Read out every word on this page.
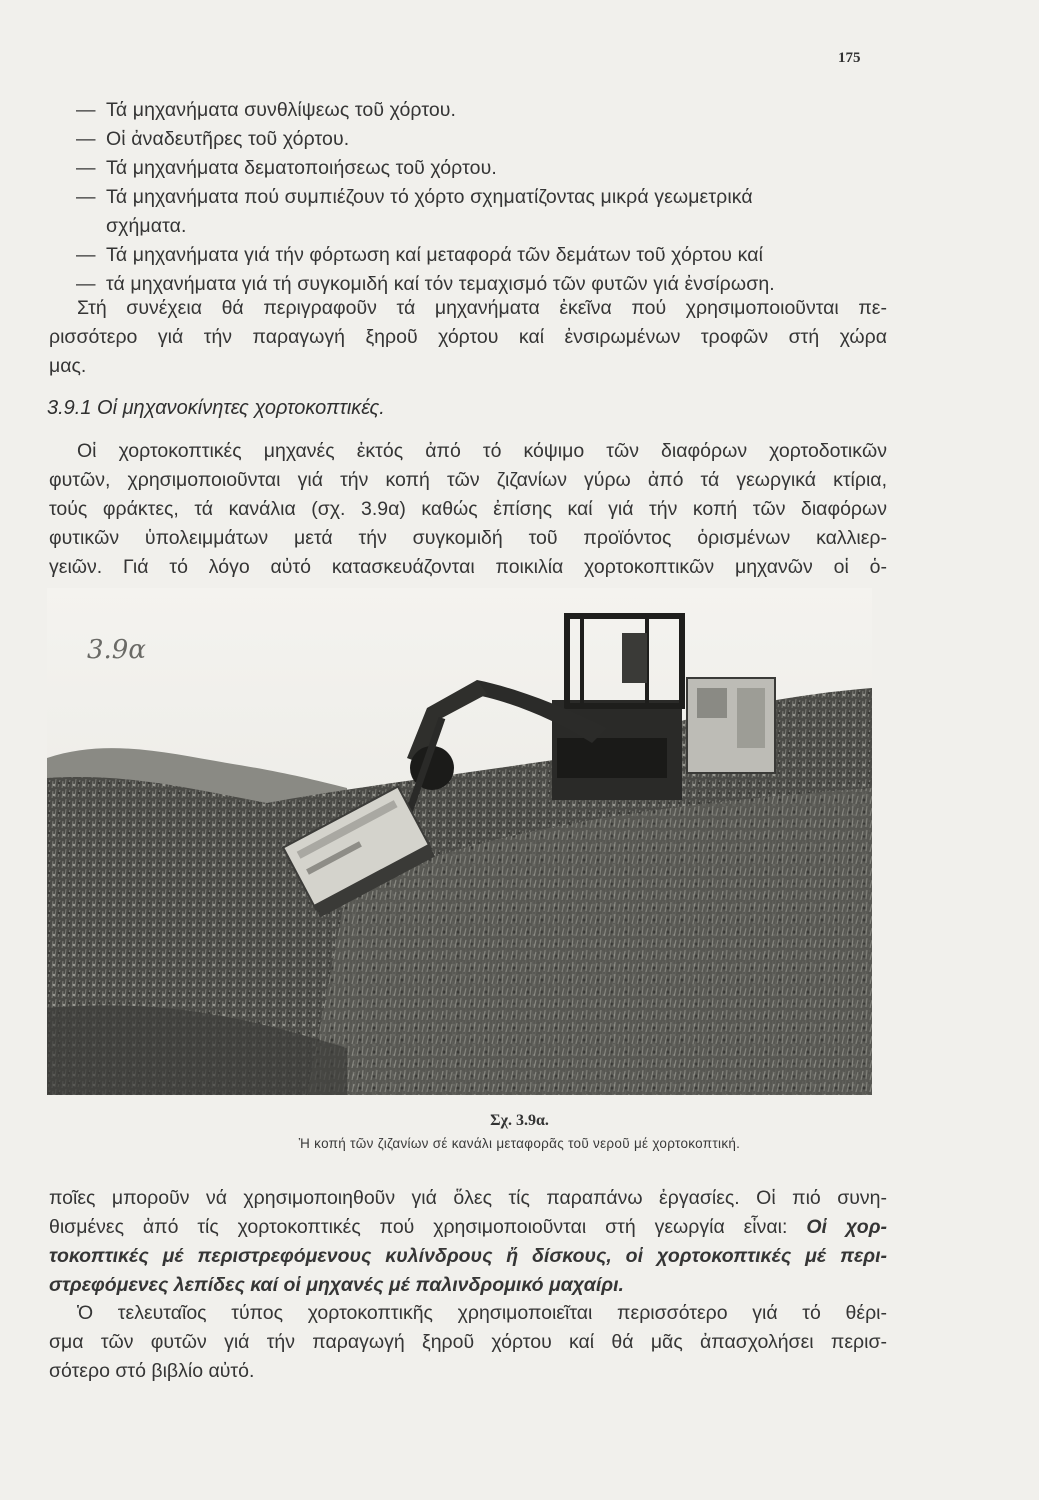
175
— Τά μηχανήματα συνθλίψεως τοῦ χόρτου.
— Οἱ ἀναδευτῆρες τοῦ χόρτου.
— Τά μηχανήματα δεματοποιήσεως τοῦ χόρτου.
— Τά μηχανήματα πού συμπιέζουν τό χόρτο σχηματίζοντας μικρά γεωμετρικά
σχήματα.
— Τά μηχανήματα γιά τήν φόρτωση καί μεταφορά τῶν δεμάτων τοῦ χόρτου καί
— τά μηχανήματα γιά τή συγκομιδή καί τόν τεμαχισμό τῶν φυτῶν γιά ἐνσίρωση.
Στή συνέχεια θά περιγραφοῦν τά μηχανήματα ἐκεῖνα πού χρησιμοποιοῦνται πε-
ρισσότερο γιά τήν παραγωγή ξηροῦ χόρτου καί ἐνσιρωμένων τροφῶν στή χώρα
μας.
3.9.1 Οἱ μηχανοκίνητες χορτοκοπτικές.
Οἱ χορτοκοπτικές μηχανές ἐκτός ἀπό τό κόψιμο τῶν διαφόρων χορτοδοτικῶν
φυτῶν, χρησιμοποιοῦνται γιά τήν κοπή τῶν ζιζανίων γύρω ἀπό τά γεωργικά κτίρια,
τούς φράκτες, τά κανάλια (σχ. 3.9α) καθώς ἐπίσης καί γιά τήν κοπή τῶν διαφόρων
φυτικῶν ὑπολειμμάτων μετά τήν συγκομιδή τοῦ προϊόντος ὁρισμένων καλλιερ-
γειῶν. Γιά τό λόγο αὐτό κατασκευάζονται ποικιλία χορτοκοπτικῶν μηχανῶν οἱ ὁ-
3.9α
Σχ. 3.9α.
Ἡ κοπή τῶν ζιζανίων σέ κανάλι μεταφορᾶς τοῦ νεροῦ μέ χορτοκοπτική.
ποῖες μποροῦν νά χρησιμοποιηθοῦν γιά ὅλες τίς παραπάνω ἐργασίες. Οἱ πιό συνη-
θισμένες ἀπό τίς χορτοκοπτικές πού χρησιμοποιοῦνται στή γεωργία εἶναι: Οἱ χορ-
τοκοπτικές μέ περιστρεφόμενους κυλίνδρους ἤ δίσκους, οἱ χορτοκοπτικές μέ περι-
στρεφόμενες λεπίδες καί οἱ μηχανές μέ παλινδρομικό μαχαίρι.
Ὁ τελευταῖος τύπος χορτοκοπτικῆς χρησιμοποιεῖται περισσότερο γιά τό θέρι-
σμα τῶν φυτῶν γιά τήν παραγωγή ξηροῦ χόρτου καί θά μᾶς ἀπασχολήσει περισ-
σότερο στό βιβλίο αὐτό.
